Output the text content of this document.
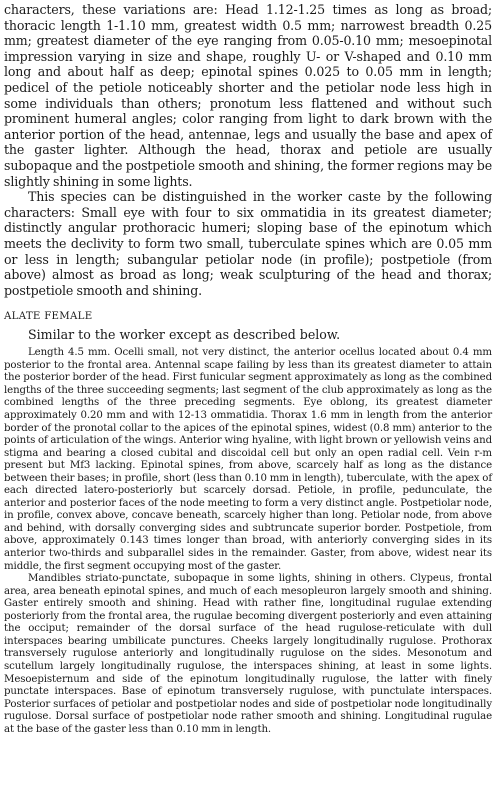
characters, these variations are: Head 1.12-1.25 times as long as broad; thoracic length 1-1.10 mm, greatest width 0.5 mm; narrowest breadth 0.25 mm; greatest diameter of the eye ranging from 0.05-0.10 mm; mesoepinotal impression varying in size and shape, roughly U- or V-shaped and 0.10 mm long and about half as deep; epinotal spines 0.025 to 0.05 mm in length; pedicel of the petiole noticeably shorter and the petiolar node less high in some individuals than others; pronotum less flattened and without such prominent humeral angles; color ranging from light to dark brown with the anterior portion of the head, antennae, legs and usually the base and apex of the gaster lighter. Although the head, thorax and petiole are usually subopaque and the postpetiole smooth and shining, the former regions may be slightly shining in some lights.

This species can be distinguished in the worker caste by the following characters: Small eye with four to six ommatidia in its greatest diameter; distinctly angular prothoracic humeri; sloping base of the epinotum which meets the declivity to form two small, tuberculate spines which are 0.05 mm or less in length; subangular petiolar node (in profile); postpetiole (from above) almost as broad as long; weak sculpturing of the head and thorax; postpetiole smooth and shining.

ALATE FEMALE

Similar to the worker except as described below.

Length 4.5 mm. Ocelli small, not very distinct, the anterior ocellus located about 0.4 mm posterior to the frontal area. Antennal scape failing by less than its greatest diameter to attain the posterior border of the head. First funicular segment approximately as long as the combined lengths of the three succeeding segments; last segment of the club approximately as long as the combined lengths of the three preceding segments. Eye oblong, its greatest diameter approximately 0.20 mm and with 12-13 ommatidia. Thorax 1.6 mm in length from the anterior border of the pronotal collar to the apices of the epinotal spines, widest (0.8 mm) anterior to the points of articulation of the wings. Anterior wing hyaline, with light brown or yellowish veins and stigma and bearing a closed cubital and discoidal cell but only an open radial cell. Vein r-m present but Mf3 lacking. Epinotal spines, from above, scarcely half as long as the distance between their bases; in profile, short (less than 0.10 mm in length), tuberculate, with the apex of each directed latero-posteriorly but scarcely dorsad. Petiole, in profile, pedunculate, the anterior and posterior faces of the node meeting to form a very distinct angle. Postpetiolar node, in profile, convex above, concave beneath, scarcely higher than long. Petiolar node, from above and behind, with dorsally converging sides and subtruncate superior border. Postpetiole, from above, approximately 0.143 times longer than broad, with anteriorly converging sides in its anterior two-thirds and subparallel sides in the remainder. Gaster, from above, widest near its middle, the first segment occupying most of the gaster.

Mandibles striato-punctate, subopaque in some lights, shining in others. Clypeus, frontal area, area beneath epinotal spines, and much of each mesopleuron largely smooth and shining. Gaster entirely smooth and shining. Head with rather fine, longitudinal rugulae extending posteriorly from the frontal area, the rugulae becoming divergent posteriorly and even attaining the occiput; remainder of the dorsal surface of the head rugulose-reticulate with dull interspaces bearing umbilicate punctures. Cheeks largely longitudinally rugulose. Prothorax transversely rugulose anteriorly and longitudinally rugulose on the sides. Mesonotum and scutellum largely longitudinally rugulose, the interspaces shining, at least in some lights. Mesoepisternum and side of the epinotum longitudinally rugulose, the latter with finely punctate interspaces. Base of epinotum transversely rugulose, with punctulate interspaces. Posterior surfaces of petiolar and postpetiolar nodes and side of postpetiolar node longitudinally rugulose. Dorsal surface of postpetiolar node rather smooth and shining. Longitudinal rugulae at the base of the gaster less than 0.10 mm in length.
